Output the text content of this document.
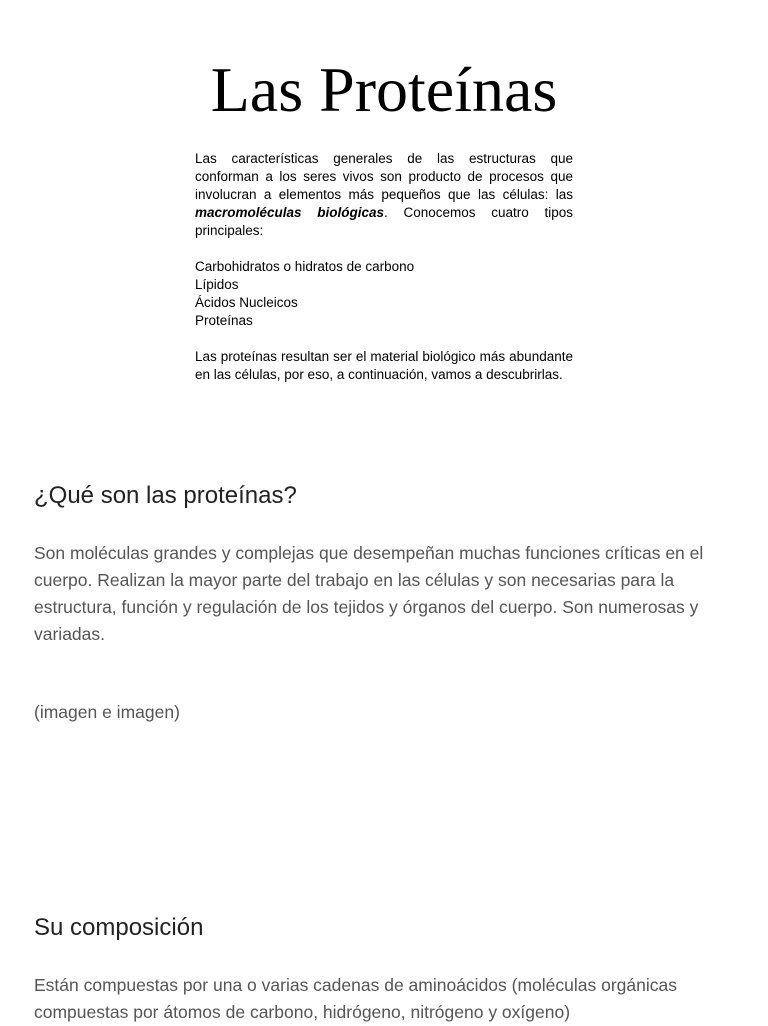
Las Proteínas

Las características generales de las estructuras que conforman a los seres vivos son producto de procesos que involucran a elementos más pequeños que las células: las macromoléculas biológicas. Conocemos cuatro tipos principales:

Carbohidratos o hidratos de carbono
Lípidos
Ácidos Nucleicos
Proteínas

Las proteínas resultan ser el material biológico más abundante en las células, por eso, a continuación, vamos a descubrirlas.

¿Qué son las proteínas?

Son moléculas grandes y complejas que desempeñan muchas funciones críticas en el cuerpo. Realizan la mayor parte del trabajo en las células y son necesarias para la estructura, función y regulación de los tejidos y órganos del cuerpo. Son numerosas y variadas.

(imagen e imagen)

Su composición

Están compuestas por una o varias cadenas de aminoácidos (moléculas orgánicas compuestas por átomos de carbono, hidrógeno, nitrógeno y oxígeno)
